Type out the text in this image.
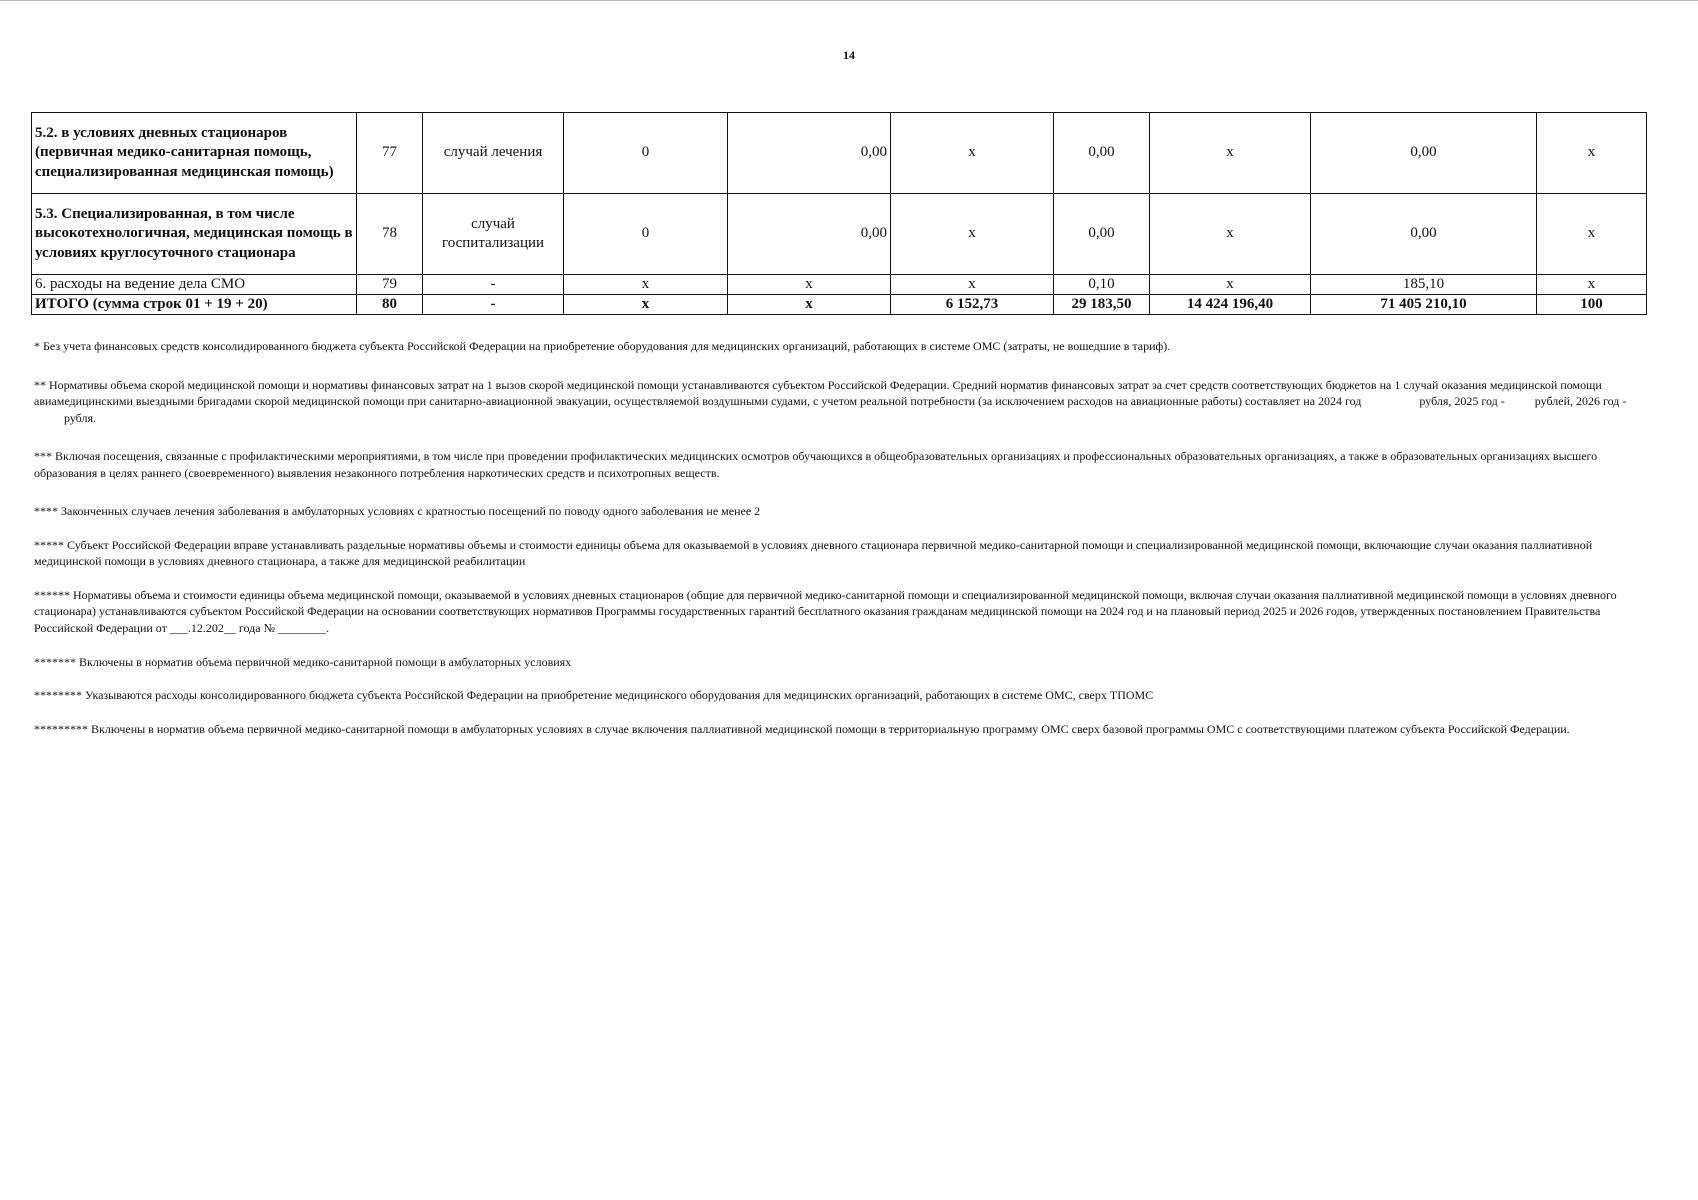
14
5.2. в условиях дневных стационаров (первичная медико-санитарная помощь, специализированная медицинская помощь)	77	случай лечения	0	0,00	x	0,00	x	0,00	x
5.3. Специализированная, в том числе высокотехнологичная, медицинская помощь в условиях круглосуточного стационара	78	случай госпитализации	0	0,00	x	0,00	x	0,00	x
6. расходы на ведение дела СМО	79	-	x	x	x	0,10	x	185,10	x
ИТОГО (сумма строк 01 + 19 + 20)	80	-	x	x	6 152,73	29 183,50	14 424 196,40	71 405 210,10	100

* Без учета финансовых средств консолидированного бюджета субъекта Российской Федерации на приобретение оборудования для медицинских организаций, работающих в системе ОМС (затраты, не вошедшие в тариф).

** Нормативы объема скорой медицинской помощи и нормативы финансовых затрат на 1 вызов скорой медицинской помощи устанавливаются субъектом Российской Федерации. Средний норматив финансовых затрат за счет средств соответствующих бюджетов на 1 случай оказания медицинской помощи авиамедицинскими выездными бригадами скорой медицинской помощи при санитарно-авиационной эвакуации, осуществляемой воздушными судами, с учетом реальной потребности (за исключением расходов на авиационные работы) составляет на 2024 год	рубля, 2025 год -	рублей, 2026 год -рубля.

*** Включая посещения, связанные с профилактическими мероприятиями, в том числе при проведении профилактических медицинских осмотров обучающихся в общеобразовательных организациях и профессиональных образовательных организациях, а также в образовательных организациях высшего образования в целях раннего (своевременного) выявления незаконного потребления наркотических средств и психотропных веществ.

**** Законченных случаев лечения заболевания в амбулаторных условиях с кратностью посещений по поводу одного заболевания не менее 2

***** Субъект Российской Федерации вправе устанавливать раздельные нормативы объемы и стоимости единицы объема для оказываемой в условиях дневного стационара первичной медико-санитарной помощи и специализированной медицинской помощи, включающие случаи оказания паллиативной медицинской помощи в условиях дневного стационара, а также для медицинской реабилитации

****** Нормативы объема и стоимости единицы объема медицинской помощи, оказываемой в условиях дневных стационаров (общие для первичной медико-санитарной помощи и специализированной медицинской помощи, включая случаи оказания паллиативной медицинской помощи в условиях дневного стационара) устанавливаются субъектом Российской Федерации на основании соответствующих нормативов Программы государственных гарантий бесплатного оказания гражданам медицинской помощи на 2024 год и на плановый период 2025 и 2026 годов, утвержденных постановлением Правительства Российской Федерации от ___.12.202__ года № ________.

******* Включены в норматив объема первичной медико-санитарной помощи в амбулаторных условиях

******** Указываются расходы консолидированного бюджета субъекта Российской Федерации на приобретение медицинского оборудования для медицинских организаций, работающих в системе ОМС, сверх ТПОМС

********* Включены в норматив объема первичной медико-санитарной помощи в амбулаторных условиях в случае включения паллиативной медицинской помощи в территориальную программу ОМС сверх базовой программы ОМС с соответствующими платежом субъекта Российской Федерации.
